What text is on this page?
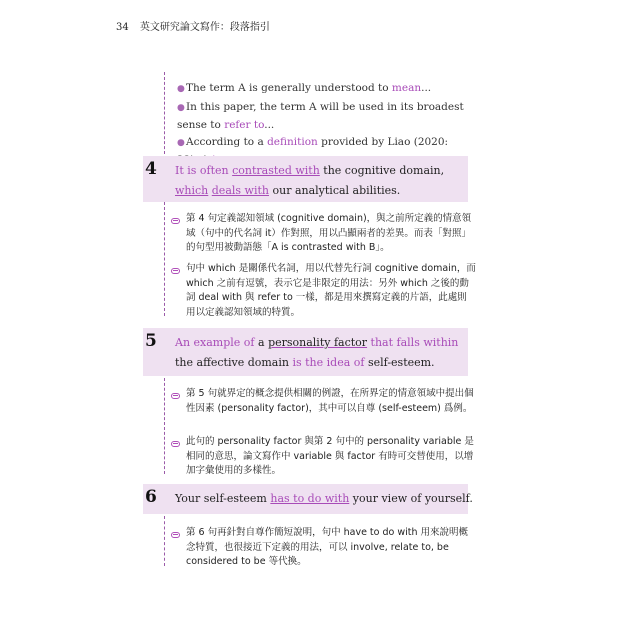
34 英文研究論文寫作：段落指引
●The term A is generally understood to mean...
●In this paper, the term A will be used in its broadest sense to refer to...
●According to a definition provided by Liao (2020:
4 It is often contrasted with the cognitive domain, which deals with our analytical abilities.
第 4 句定義認知領域 (cognitive domain)，與之前所定義的情意領域（句中的代名詞 it）作對照，用以凸顯兩者的差異。而表「對照」的句型用被動語態「A is contrasted with B」。
句中 which 是關係代名詞，用以代替先行詞 cognitive domain，而 which 之前有逗號，表示它是非限定的用法：另外 which 之後的動詞 deal with 與 refer to 一樣，都是用來撰寫定義的片語，此處則用以定義認知領域的特質。
5 An example of a personality factor that falls within the affective domain is the idea of self-esteem.
第 5 句就界定的概念提供相關的例證，在所界定的情意領域中提出個性因素 (personality factor)，其中可以自尊 (self-esteem) 爲例。
此句的 personality factor 與第 2 句中的 personality variable 是相同的意思，論文寫作中 variable 與 factor 有時可交替使用，以增加字彙使用的多樣性。
6 Your self-esteem has to do with your view of yourself.
第 6 句再針對自尊作簡短說明，句中 have to do with 用來說明概念特質，也很接近下定義的用法，可以 involve, relate to, be considered to be 等代換。
